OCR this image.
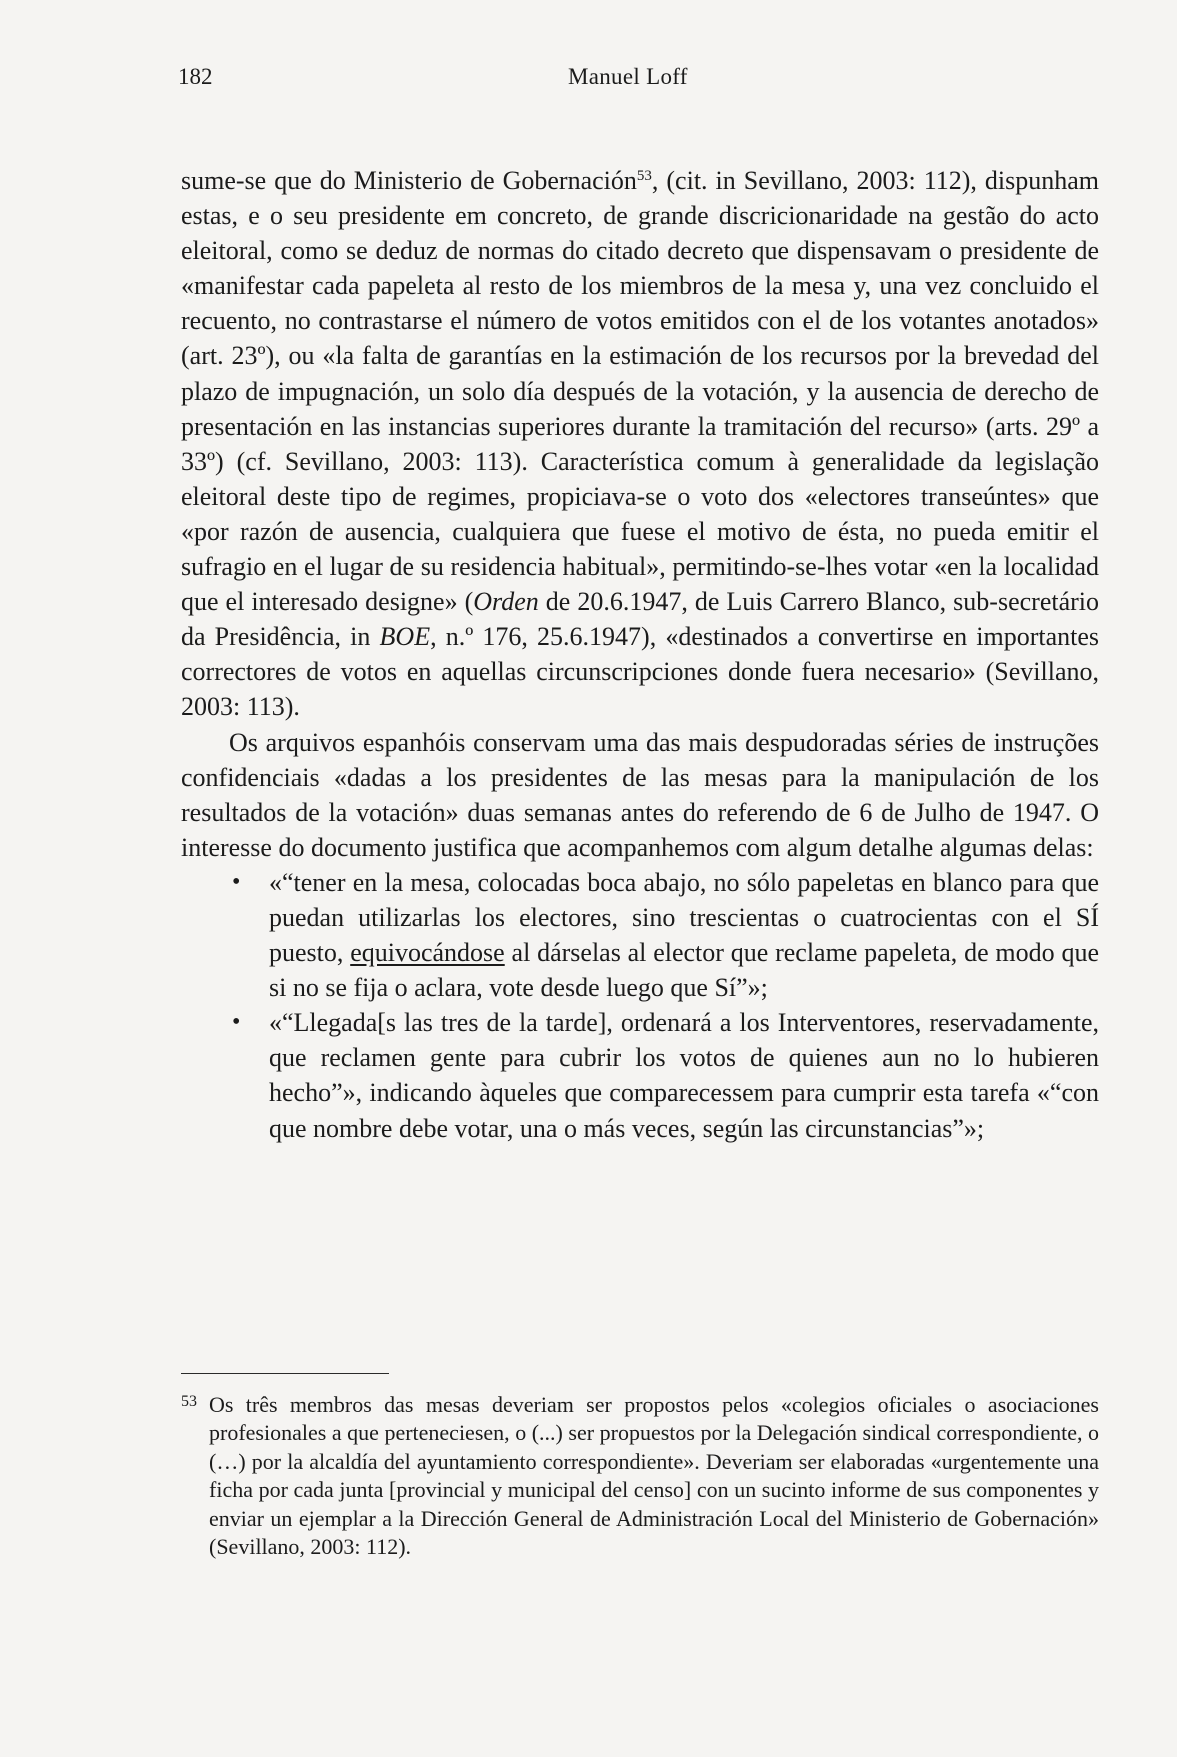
182	Manuel Loff

sume-se que do Ministerio de Gobernación$^{53}$, (cit. in Sevillano, 2003: 112), dispunham estas, e o seu presidente em concreto, de grande discricionaridade na gestão do acto eleitoral, como se deduz de normas do citado decreto que dispensavam o presidente de «manifestar cada papeleta al resto de los miembros de la mesa y, una vez concluido el recuento, no contrastarse el número de votos emitidos con el de los votantes anotados» (art. 23º), ou «la falta de garantías en la estimación de los recursos por la brevedad del plazo de impugnación, un solo día después de la votación, y la ausencia de derecho de presentación en las instancias superiores durante la tramitación del recurso» (arts. 29º a 33º) (cf. Sevillano, 2003: 113). Característica comum à generalidade da legislação eleitoral deste tipo de regimes, propiciava-se o voto dos «electores transeúntes» que «por razón de ausencia, cualquiera que fuese el motivo de ésta, no pueda emitir el sufragio en el lugar de su residencia habitual», permitindo-se-lhes votar «en la localidad que el interesado designe» (Orden de 20.6.1947, de Luis Carrero Blanco, sub-secretário da Presidência, in BOE, n.º 176, 25.6.1947), «destinados a convertirse en importantes correctores de votos en aquellas circunscripciones donde fuera necesario» (Sevillano, 2003: 113).

Os arquivos espanhóis conservam uma das mais despudoradas séries de instruções confidenciais «dadas a los presidentes de las mesas para la manipulación de los resultados de la votación» duas semanas antes do referendo de 6 de Julho de 1947. O interesse do documento justifica que acompanhemos com algum detalhe algumas delas:

• «“tener en la mesa, colocadas boca abajo, no sólo papeletas en blanco para que puedan utilizarlas los electores, sino trescientas o cuatrocientas con el SÍ puesto, equivocándose al dárselas al elector que reclame papeleta, de modo que si no se fija o aclara, vote desde luego que Sí”»;
• «“Llegada[s las tres de la tarde], ordenará a los Interventores, reservadamente, que reclamen gente para cubrir los votos de quienes aun no lo hubieren hecho”», indicando àqueles que comparecessem para cumprir esta tarefa «“con que nombre debe votar, una o más veces, según las circunstancias”»;
53 Os três membros das mesas deveriam ser propostos pelos «colegios oficiales o asociaciones profesionales a que perteneciesen, o (...) ser propuestos por la Delegación sindical correspondiente, o (…) por la alcaldía del ayuntamiento correspondiente». Deveriam ser elaboradas «urgentemente una ficha por cada junta [provincial y municipal del censo] con un sucinto informe de sus componentes y enviar un ejemplar a la Dirección General de Administración Local del Ministerio de Gobernación» (Sevillano, 2003: 112).
